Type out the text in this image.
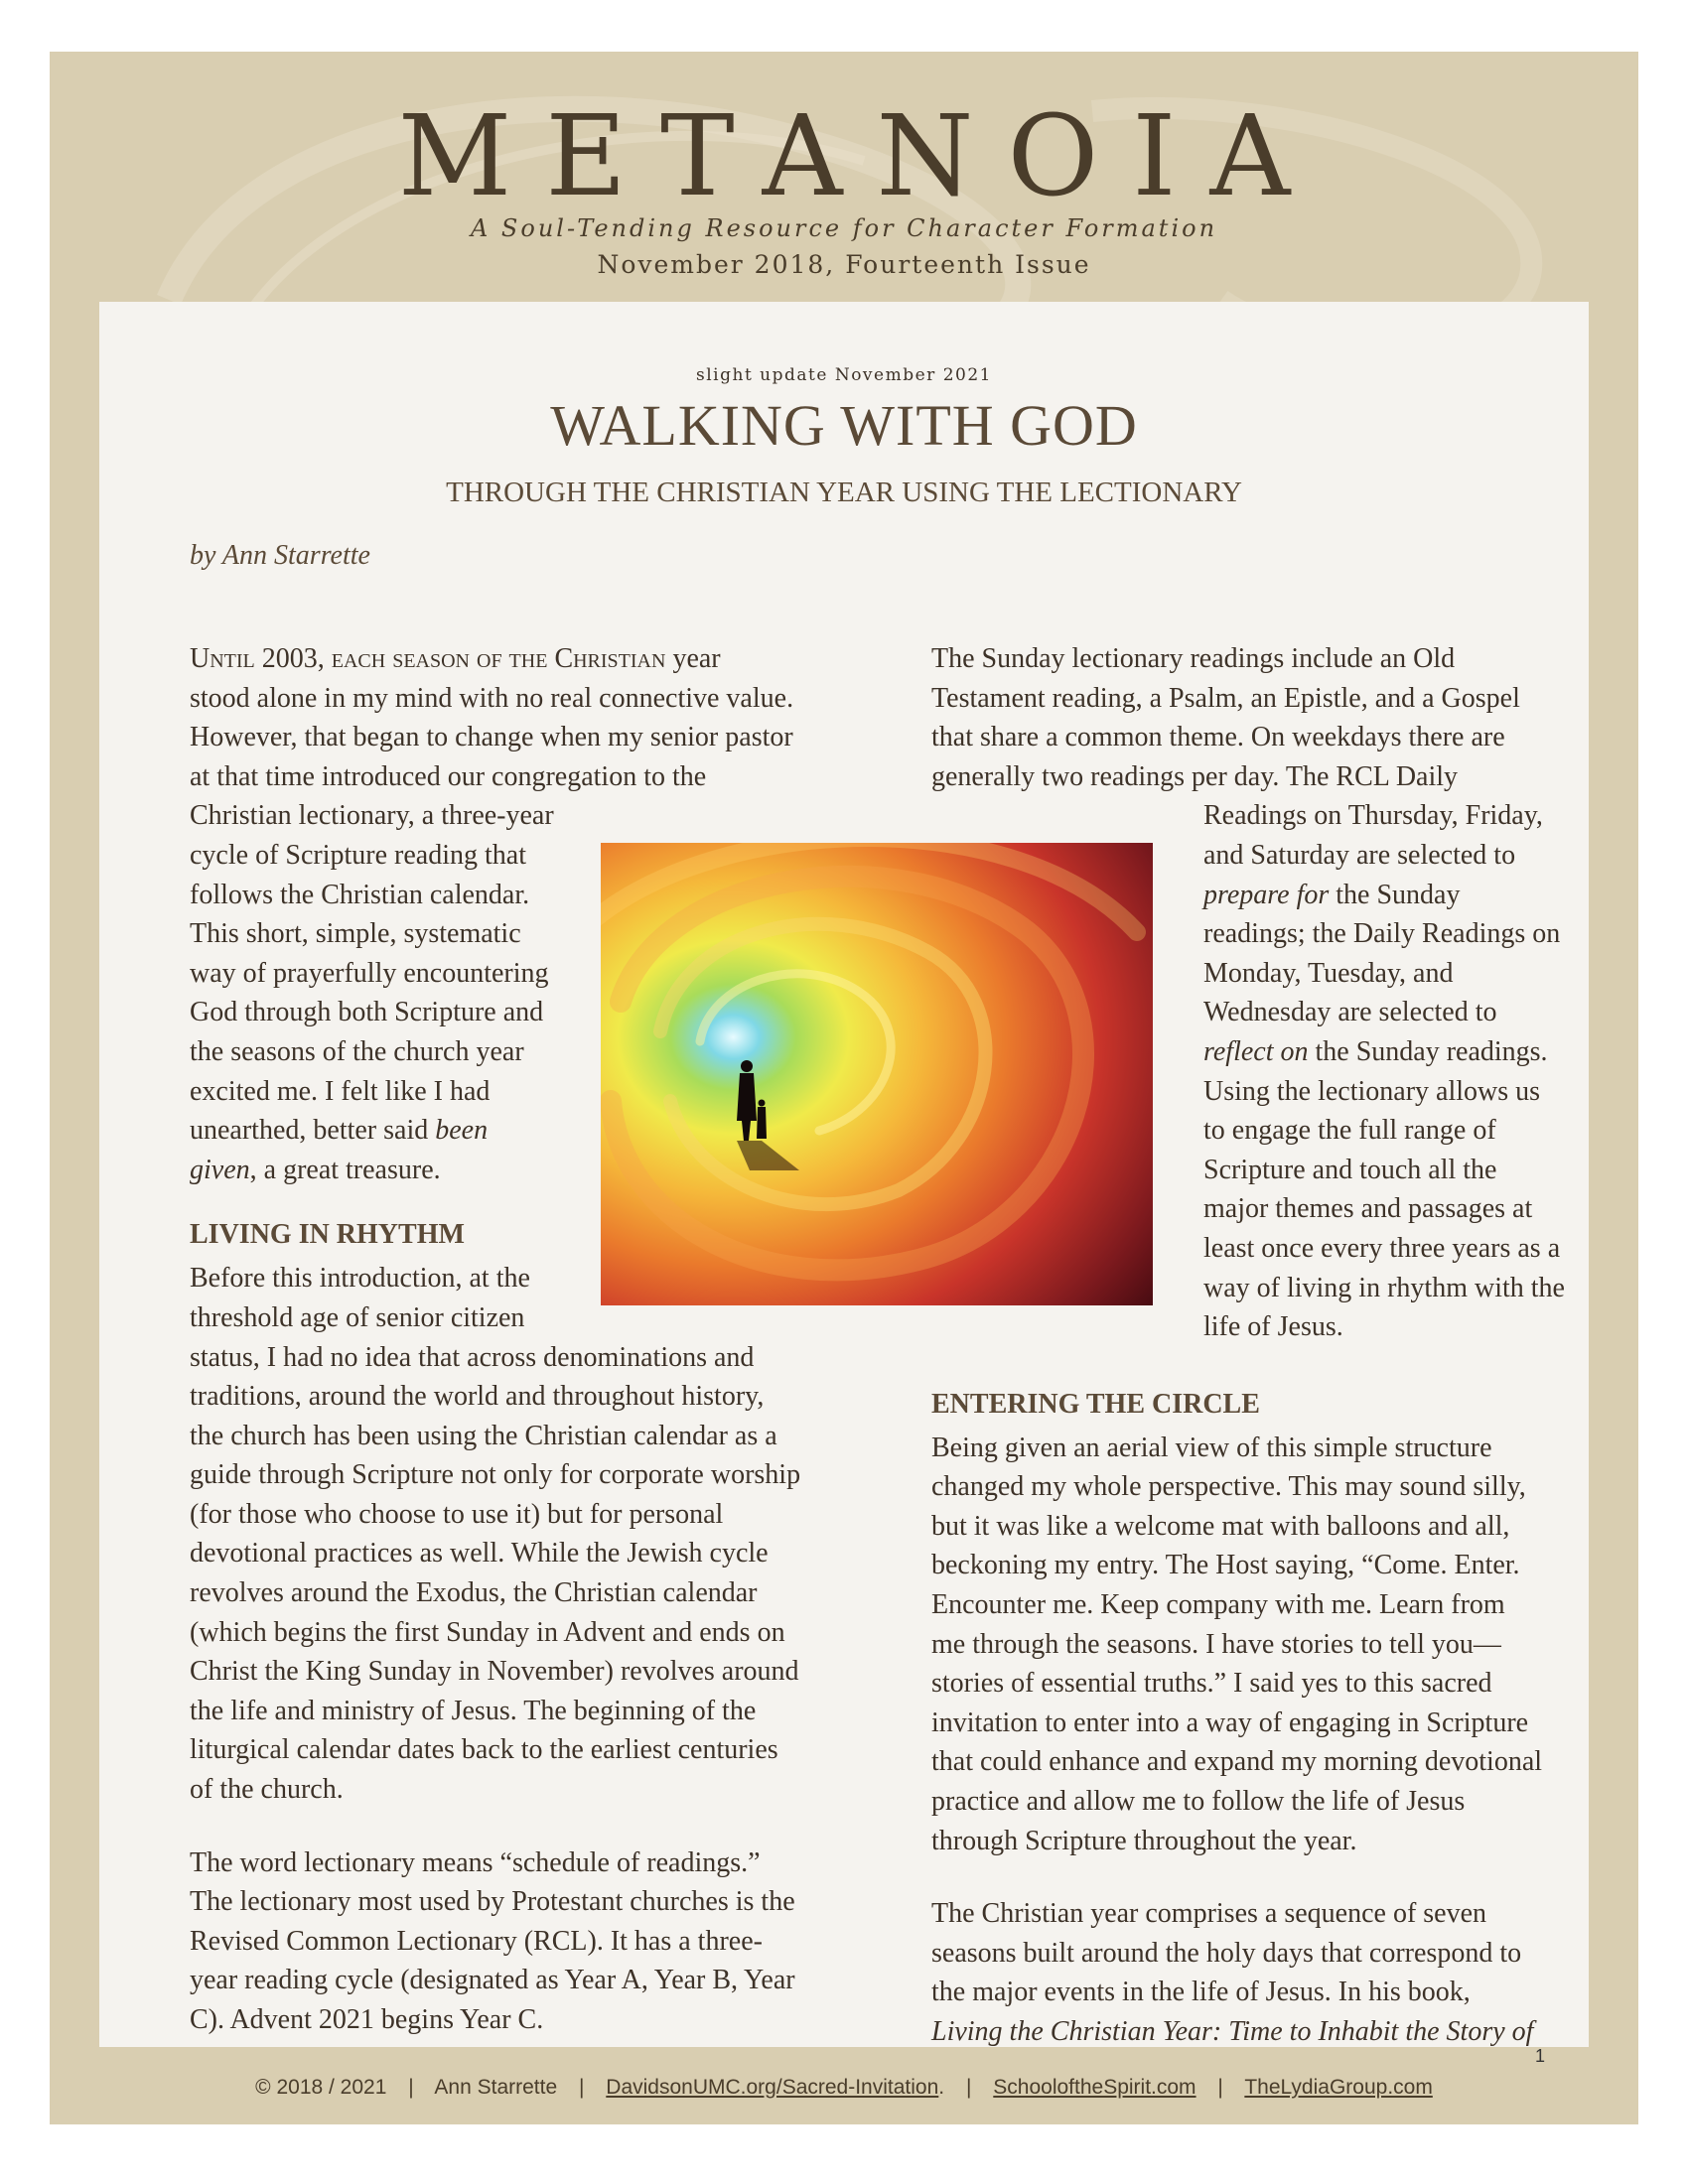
METANOIA
A Soul-Tending Resource for Character Formation
November 2018, Fourteenth Issue
slight update November 2021
WALKING WITH GOD
THROUGH THE CHRISTIAN YEAR USING THE LECTIONARY
by Ann Starrette

Until 2003, each season of the Christian year
stood alone in my mind with no real connective value.
However, that began to change when my senior pastor
at that time introduced our congregation to the
Christian lectionary, a three-year
cycle of Scripture reading that
follows the Christian calendar.
This short, simple, systematic
way of prayerfully encountering
God through both Scripture and
the seasons of the church year
excited me. I felt like I had
unearthed, better said been
given, a great treasure.

LIVING IN RHYTHM

Before this introduction, at the
threshold age of senior citizen
status, I had no idea that across denominations and
traditions, around the world and throughout history,
the church has been using the Christian calendar as a
guide through Scripture not only for corporate worship
(for those who choose to use it) but for personal
devotional practices as well. While the Jewish cycle
revolves around the Exodus, the Christian calendar
(which begins the first Sunday in Advent and ends on
Christ the King Sunday in November) revolves around
the life and ministry of Jesus. The beginning of the
liturgical calendar dates back to the earliest centuries
of the church.

The word lectionary means “schedule of readings.”
The lectionary most used by Protestant churches is the
Revised Common Lectionary (RCL). It has a three-
year reading cycle (designated as Year A, Year B, Year
C). Advent 2021 begins Year C.

The Sunday lectionary readings include an Old
Testament reading, a Psalm, an Epistle, and a Gospel
that share a common theme. On weekdays there are
generally two readings per day. The RCL Daily
Readings on Thursday, Friday,
and Saturday are selected to
prepare for the Sunday
readings; the Daily Readings on
Monday, Tuesday, and
Wednesday are selected to
reflect on the Sunday readings.
Using the lectionary allows us
to engage the full range of
Scripture and touch all the
major themes and passages at
least once every three years as a
way of living in rhythm with the
life of Jesus.

ENTERING THE CIRCLE

Being given an aerial view of this simple structure
changed my whole perspective. This may sound silly,
but it was like a welcome mat with balloons and all,
beckoning my entry. The Host saying, “Come. Enter.
Encounter me. Keep company with me. Learn from
me through the seasons. I have stories to tell you—
stories of essential truths.” I said yes to this sacred
invitation to enter into a way of engaging in Scripture
that could enhance and expand my morning devotional
practice and allow me to follow the life of Jesus
through Scripture throughout the year.

The Christian year comprises a sequence of seven
seasons built around the holy days that correspond to
the major events in the life of Jesus. In his book,
Living the Christian Year: Time to Inhabit the Story of

1
© 2018 / 2021 | Ann Starrette | DavidsonUMC.org/Sacred-Invitation. | SchooloftheSpirit.com | TheLydiaGroup.com
